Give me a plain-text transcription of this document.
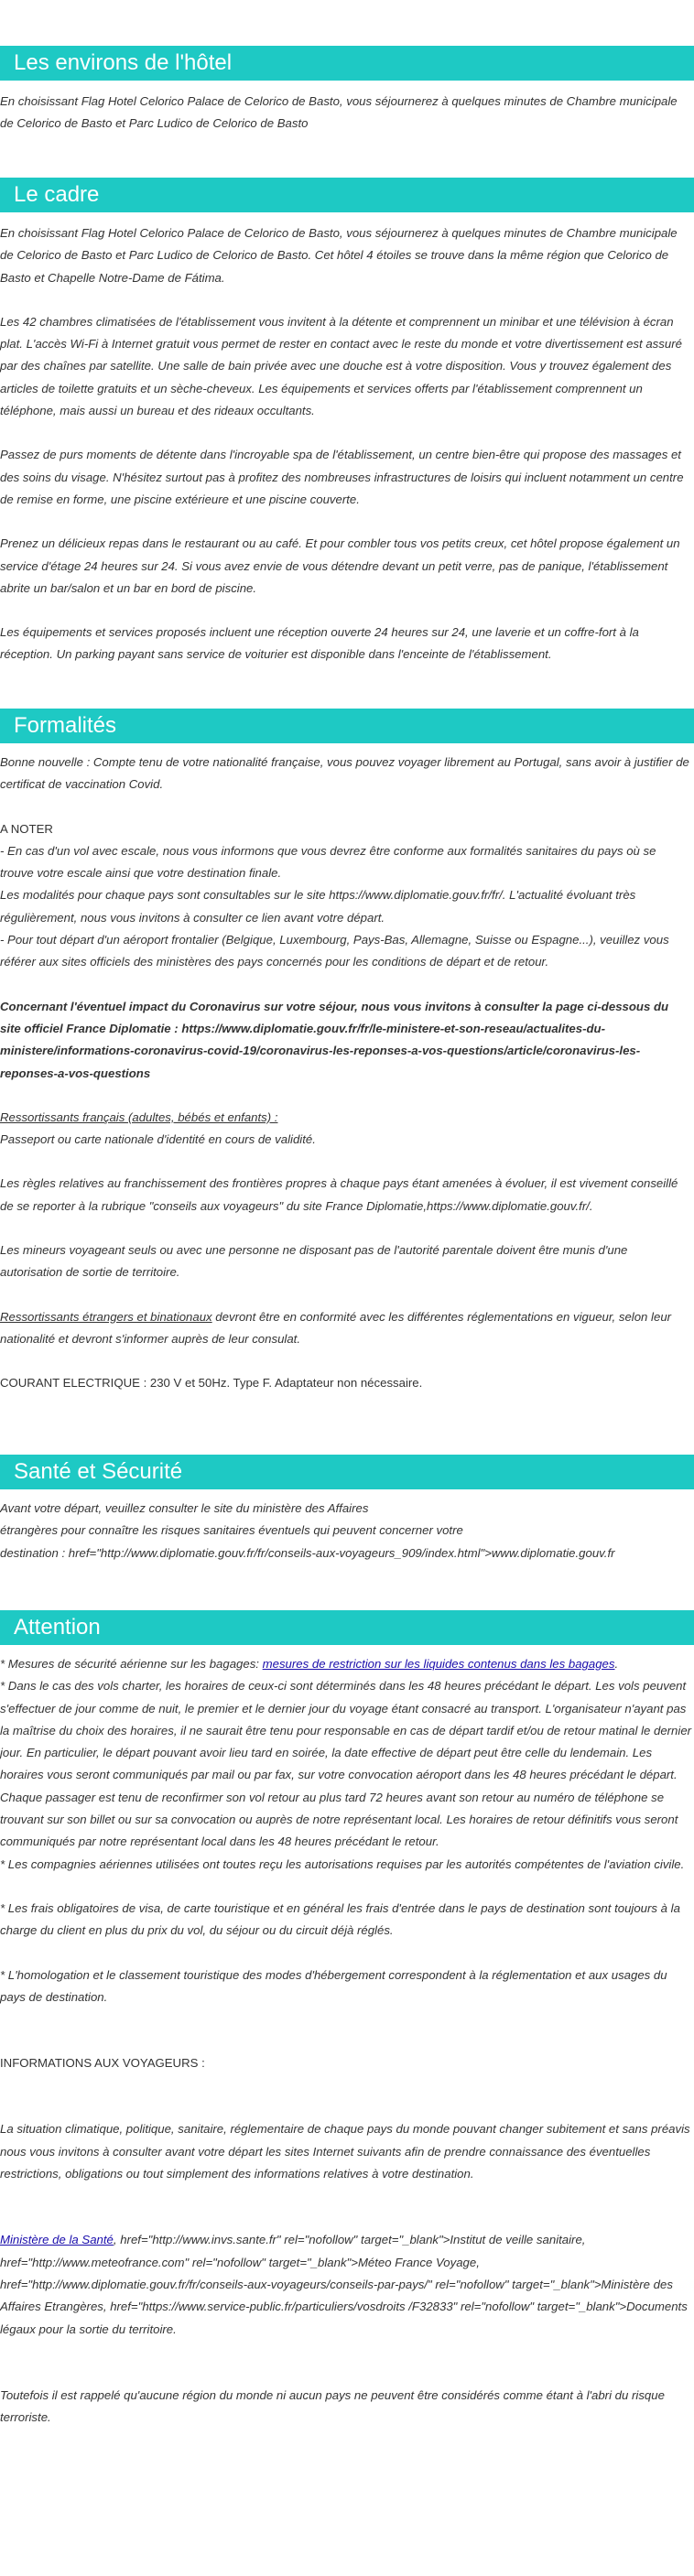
Les environs de l'hôtel

En choisissant Flag Hotel Celorico Palace de Celorico de Basto, vous séjournerez à quelques minutes de Chambre municipale de Celorico de Basto et Parc Ludico de Celorico de Basto

Le cadre

En choisissant Flag Hotel Celorico Palace de Celorico de Basto, vous séjournerez à quelques minutes de Chambre municipale de Celorico de Basto et Parc Ludico de Celorico de Basto. Cet hôtel 4 étoiles se trouve dans la même région que Celorico de Basto et Chapelle Notre-Dame de Fátima.

Les 42 chambres climatisées de l'établissement vous invitent à la détente et comprennent un minibar et une télévision à écran plat. L'accès Wi-Fi à Internet gratuit vous permet de rester en contact avec le reste du monde et votre divertissement est assuré par des chaînes par satellite. Une salle de bain privée avec une douche est à votre disposition. Vous y trouvez également des articles de toilette gratuits et un sèche-cheveux. Les équipements et services offerts par l'établissement comprennent un téléphone, mais aussi un bureau et des rideaux occultants.

Passez de purs moments de détente dans l'incroyable spa de l'établissement, un centre bien-être qui propose des massages et des soins du visage. N'hésitez surtout pas à profitez des nombreuses infrastructures de loisirs qui incluent notamment un centre de remise en forme, une piscine extérieure et une piscine couverte.

Prenez un délicieux repas dans le restaurant ou au café. Et pour combler tous vos petits creux, cet hôtel propose également un service d'étage 24 heures sur 24. Si vous avez envie de vous détendre devant un petit verre, pas de panique, l'établissement abrite un bar/salon et un bar en bord de piscine.

Les équipements et services proposés incluent une réception ouverte 24 heures sur 24, une laverie et un coffre-fort à la réception. Un parking payant sans service de voiturier est disponible dans l'enceinte de l'établissement.

Formalités

Bonne nouvelle : Compte tenu de votre nationalité française, vous pouvez voyager librement au Portugal, sans avoir à justifier de certificat de vaccination Covid.

A NOTER

- En cas d'un vol avec escale, nous vous informons que vous devrez être conforme aux formalités sanitaires du pays où se trouve votre escale ainsi que votre destination finale.

Les modalités pour chaque pays sont consultables sur le site https://www.diplomatie.gouv.fr/fr/. L'actualité évoluant très régulièrement, nous vous invitons à consulter ce lien avant votre départ.

- Pour tout départ d'un aéroport frontalier (Belgique, Luxembourg, Pays-Bas, Allemagne, Suisse ou Espagne...), veuillez vous référer aux sites officiels des ministères des pays concernés pour les conditions de départ et de retour.

Concernant l'éventuel impact du Coronavirus sur votre séjour, nous vous invitons à consulter la page ci-dessous du site officiel France Diplomatie : https://www.diplomatie.gouv.fr/fr/le-ministere-et-son-reseau/actualites-du-ministere/informations-coronavirus-covid-19/coronavirus-les-reponses-a-vos-questions/article/coronavirus-les-reponses-a-vos-questions

Ressortissants français (adultes, bébés et enfants) :

Passeport ou carte nationale d'identité en cours de validité.

Les règles relatives au franchissement des frontières propres à chaque pays étant amenées à évoluer, il est vivement conseillé de se reporter à la rubrique "conseils aux voyageurs" du site France Diplomatie,https://www.diplomatie.gouv.fr/.

Les mineurs voyageant seuls ou avec une personne ne disposant pas de l'autorité parentale doivent être munis d'une autorisation de sortie de territoire.

Ressortissants étrangers et binationaux devront être en conformité avec les différentes réglementations en vigueur, selon leur nationalité et devront s'informer auprès de leur consulat.

COURANT ELECTRIQUE : 230 V et 50Hz. Type F. Adaptateur non nécessaire.

Santé et Sécurité

Avant votre départ, veuillez consulter le site du ministère des Affaires

étrangères pour connaître les risques sanitaires éventuels qui peuvent concerner votre

destination : href="http://www.diplomatie.gouv.fr/fr/conseils-aux-voyageurs_909/index.html">www.diplomatie.gouv.fr

Attention

* Mesures de sécurité aérienne sur les bagages: mesures de restriction sur les liquides contenus dans les bagages.

* Dans le cas des vols charter, les horaires de ceux-ci sont déterminés dans les 48 heures précédant le départ. Les vols peuvent s'effectuer de jour comme de nuit, le premier et le dernier jour du voyage étant consacré au transport. L'organisateur n'ayant pas la maîtrise du choix des horaires, il ne saurait être tenu pour responsable en cas de départ tardif et/ou de retour matinal le dernier jour. En particulier, le départ pouvant avoir lieu tard en soirée, la date effective de départ peut être celle du lendemain. Les horaires vous seront communiqués par mail ou par fax, sur votre convocation aéroport dans les 48 heures précédant le départ. Chaque passager est tenu de reconfirmer son vol retour au plus tard 72 heures avant son retour au numéro de téléphone se trouvant sur son billet ou sur sa convocation ou auprès de notre représentant local. Les horaires de retour définitifs vous seront communiqués par notre représentant local dans les 48 heures précédant le retour.

* Les compagnies aériennes utilisées ont toutes reçu les autorisations requises par les autorités compétentes de l'aviation civile.

* Les frais obligatoires de visa, de carte touristique et en général les frais d'entrée dans le pays de destination sont toujours à la charge du client en plus du prix du vol, du séjour ou du circuit déjà réglés.

* L'homologation et le classement touristique des modes d'hébergement correspondent à la réglementation et aux usages du pays de destination.

INFORMATIONS AUX VOYAGEURS :

La situation climatique, politique, sanitaire, réglementaire de chaque pays du monde pouvant changer subitement et sans préavis

nous vous invitons à consulter avant votre départ les sites Internet suivants afin de prendre connaissance des éventuelles restrictions, obligations ou tout simplement des informations relatives à votre destination.

Ministère de la Santé, href="http://www.invs.sante.fr" rel="nofollow" target="_blank">Institut de veille sanitaire, href="http://www.meteofrance.com" rel="nofollow" target="_blank">Méteo France Voyage, href="http://www.diplomatie.gouv.fr/fr/conseils-aux-voyageurs/conseils-par-pays/" rel="nofollow" target="_blank">Ministère des Affaires Etrangères, href="https://www.service-public.fr/particuliers/vosdroits /F32833" rel="nofollow" target="_blank">Documents légaux pour la sortie du territoire.

Toutefois il est rappelé qu'aucune région du monde ni aucun pays ne peuvent être considérés comme étant à l'abri du risque terroriste.
